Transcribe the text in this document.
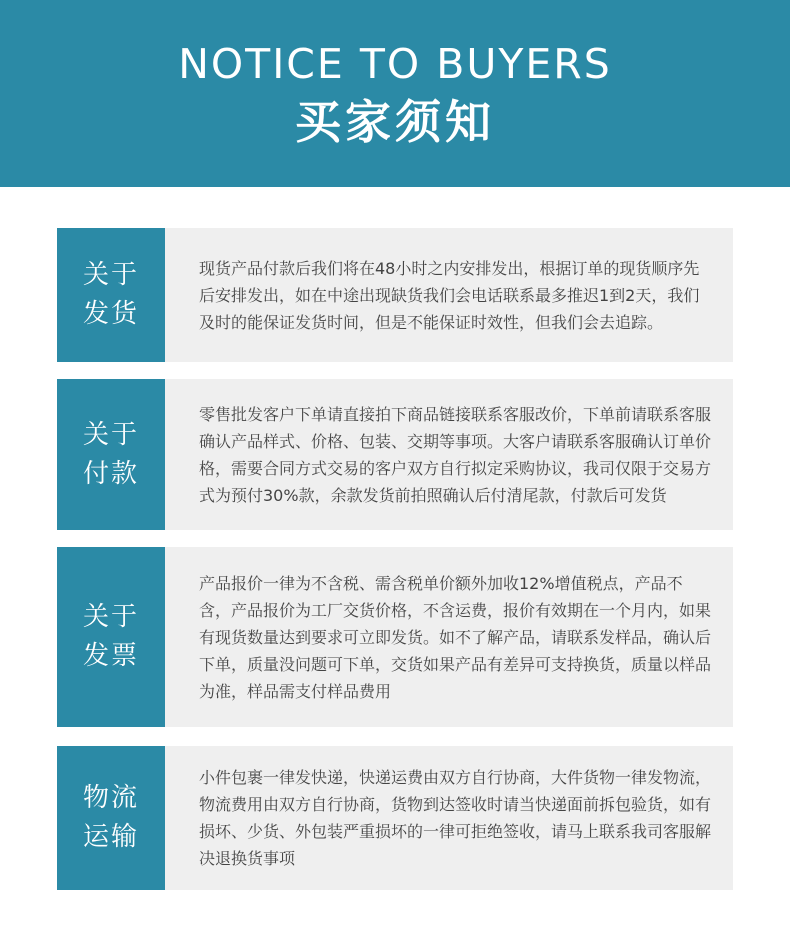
NOTICE TO BUYERS
买家须知
关于
发货

现货产品付款后我们将在48小时之内安排发出，根据订单的现货顺序先后安排发出，如在中途出现缺货我们会电话联系最多推迟1到2天，我们及时的能保证发货时间，但是不能保证时效性，但我们会去追踪。

关于
付款

零售批发客户下单请直接拍下商品链接联系客服改价，下单前请联系客服确认产品样式、价格、包装、交期等事项。大客户请联系客服确认订单价格，需要合同方式交易的客户双方自行拟定采购协议，我司仅限于交易方式为预付30%款，余款发货前拍照确认后付清尾款，付款后可发货

关于
发票

产品报价一律为不含税、需含税单价额外加收12%增值税点，产品不含，产品报价为工厂交货价格，不含运费，报价有效期在一个月内，如果有现货数量达到要求可立即发货。如不了解产品，请联系发样品，确认后下单，质量没问题可下单，交货如果产品有差异可支持换货，质量以样品为准，样品需支付样品费用

物流
运输

小件包裹一律发快递，快递运费由双方自行协商，大件货物一律发物流，物流费用由双方自行协商，货物到达签收时请当快递面前拆包验货，如有损坏、少货、外包装严重损坏的一律可拒绝签收，请马上联系我司客服解决退换货事项
